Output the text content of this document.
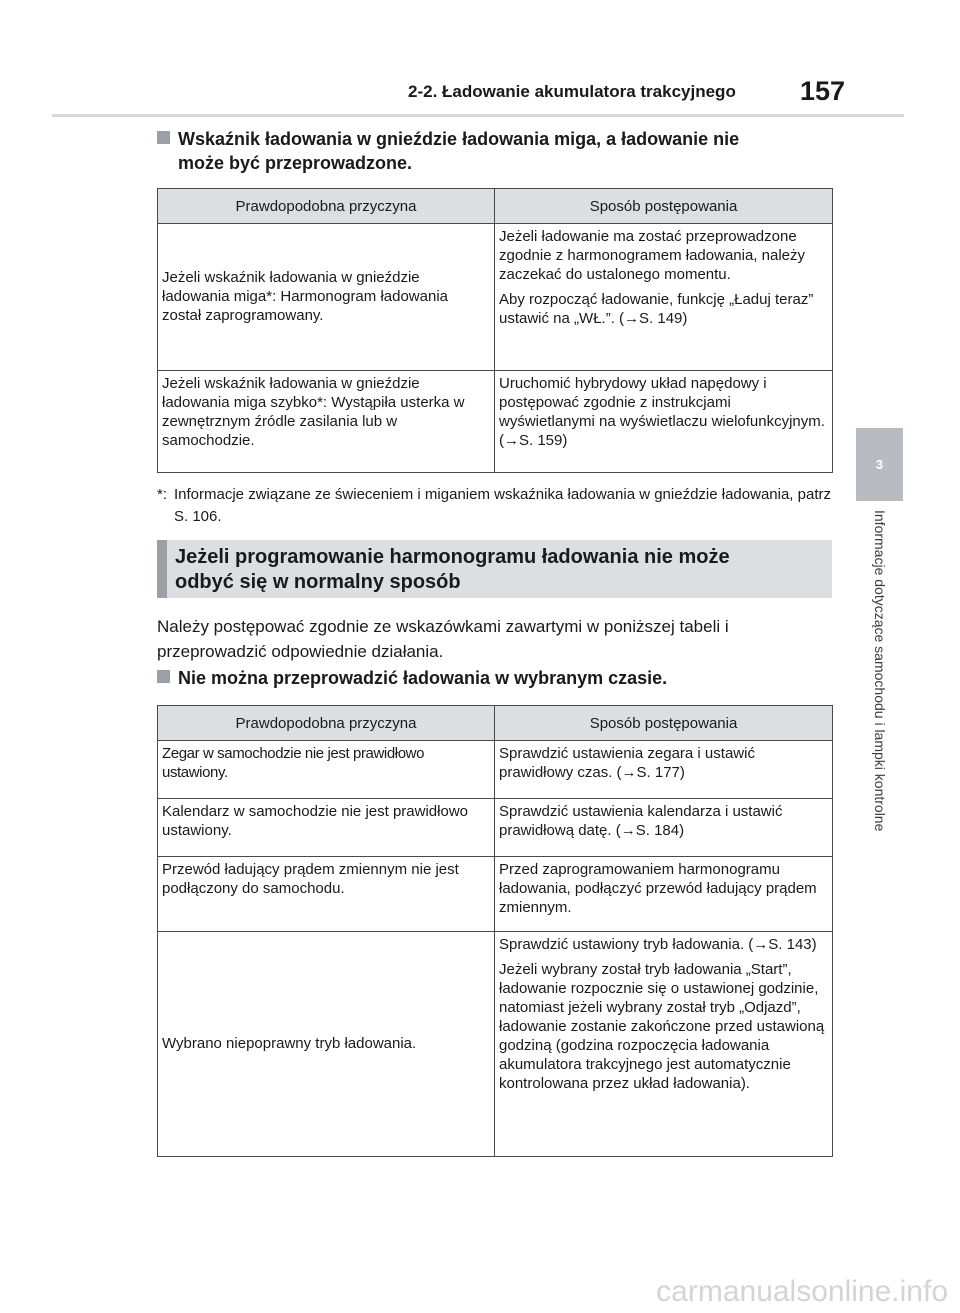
2-2. Ładowanie akumulatora trakcyjnego 157
3
Informacje dotyczące samochodu i lampki kontrolne
Wskaźnik ładowania w gnieździe ładowania miga, a ładowanie nie
może być przeprowadzone.
Prawdopodobna przyczyna	Sposób postępowania
Jeżeli wskaźnik ładowania w gnieździe ładowania miga*: Harmonogram ładowania został zaprogramowany.	Jeżeli ładowanie ma zostać przeprowadzone zgodnie z harmonogramem ładowania, należy zaczekać do ustalonego momentu.

Aby rozpocząć ładowanie, funkcję „Ładuj teraz” ustawić na „WŁ.”. (→S. 149)

Jeżeli wskaźnik ładowania w gnieździe ładowania miga szybko*: Wystąpiła usterka w zewnętrznym źródle zasilania lub w samochodzie.	Uruchomić hybrydowy układ napędowy i postępować zgodnie z instrukcjami wyświetlanymi na wyświetlaczu wielofunkcyjnym. (→S. 159)

*: Informacje związane ze świeceniem i miganiem wskaźnika ładowania w gnieździe ładowania, patrz S. 106.
Jeżeli programowanie harmonogramu ładowania nie może
odbyć się w normalny sposób
Należy postępować zgodnie ze wskazówkami zawartymi w poniższej tabeli i przeprowadzić odpowiednie działania.
Nie można przeprowadzić ładowania w wybranym czasie.
Prawdopodobna przyczyna	Sposób postępowania
Zegar w samochodzie nie jest prawidłowo ustawiony.	Sprawdzić ustawienia zegara i ustawić prawidłowy czas. (→S. 177)

Kalendarz w samochodzie nie jest prawidłowo ustawiony.	Sprawdzić ustawienia kalendarza i ustawić prawidłową datę. (→S. 184)

Przewód ładujący prądem zmiennym nie jest podłączony do samochodu.	Przed zaprogramowaniem harmonogramu ładowania, podłączyć przewód ładujący prądem zmiennym.

Wybrano niepoprawny tryb ładowania.	Sprawdzić ustawiony tryb ładowania. (→S. 143)

Jeżeli wybrany został tryb ładowania „Start”, ładowanie rozpocznie się o ustawionej godzinie, natomiast jeżeli wybrany został tryb „Odjazd”, ładowanie zostanie zakończone przed ustawioną godziną (godzina rozpoczęcia ładowania akumulatora trakcyjnego jest automatycznie kontrolowana przez układ ładowania).

carmanualsonline.info
